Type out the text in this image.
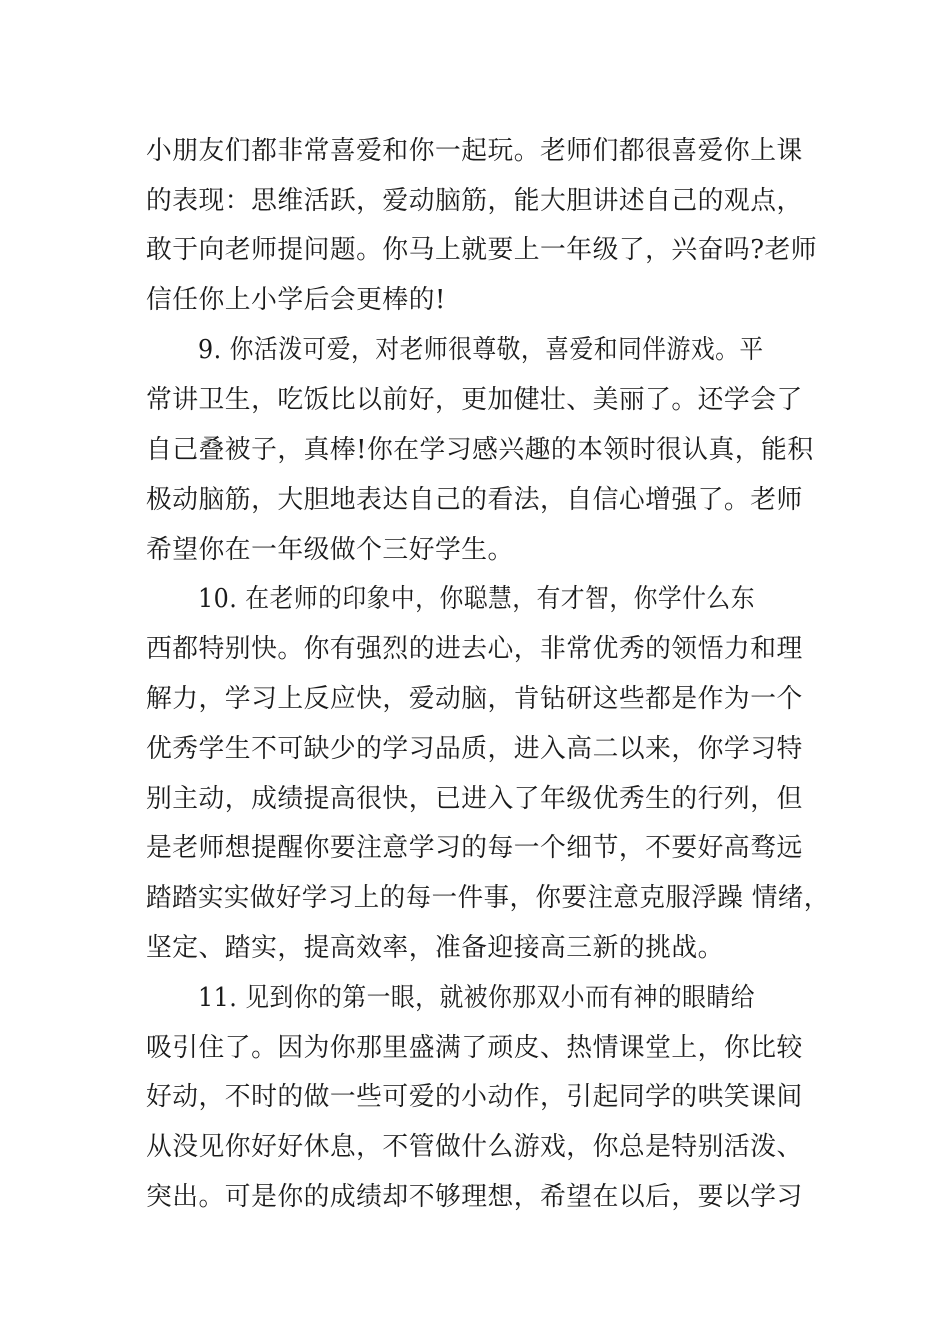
小朋友们都非常喜爱和你一起玩。老师们都很喜爱你上课
的表现：思维活跃，爱动脑筋，能大胆讲述自己的观点，
敢于向老师提问题。你马上就要上一年级了，兴奋吗?老师
信任你上小学后会更棒的!
9. 你活泼可爱，对老师很尊敬，喜爱和同伴游戏。平
常讲卫生，吃饭比以前好，更加健壮、美丽了。还学会了
自己叠被子，真棒!你在学习感兴趣的本领时很认真，能积
极动脑筋，大胆地表达自己的看法，自信心增强了。老师
希望你在一年级做个三好学生。
10. 在老师的印象中，你聪慧，有才智，你学什么东
西都特别快。你有强烈的进去心，非常优秀的领悟力和理
解力，学习上反应快，爱动脑，肯钻研这些都是作为一个
优秀学生不可缺少的学习品质，进入高二以来，你学习特
别主动，成绩提高很快，已进入了年级优秀生的行列，但
是老师想提醒你要注意学习的每一个细节，不要好高骛远
踏踏实实做好学习上的每一件事，你要注意克服浮躁 情绪，
坚定、踏实，提高效率，准备迎接高三新的挑战。
11. 见到你的第一眼，就被你那双小而有神的眼睛给
吸引住了。因为你那里盛满了顽皮、热情课堂上，你比较
好动，不时的做一些可爱的小动作，引起同学的哄笑课间
从没见你好好休息，不管做什么游戏，你总是特别活泼、
突出。可是你的成绩却不够理想，希望在以后，要以学习
